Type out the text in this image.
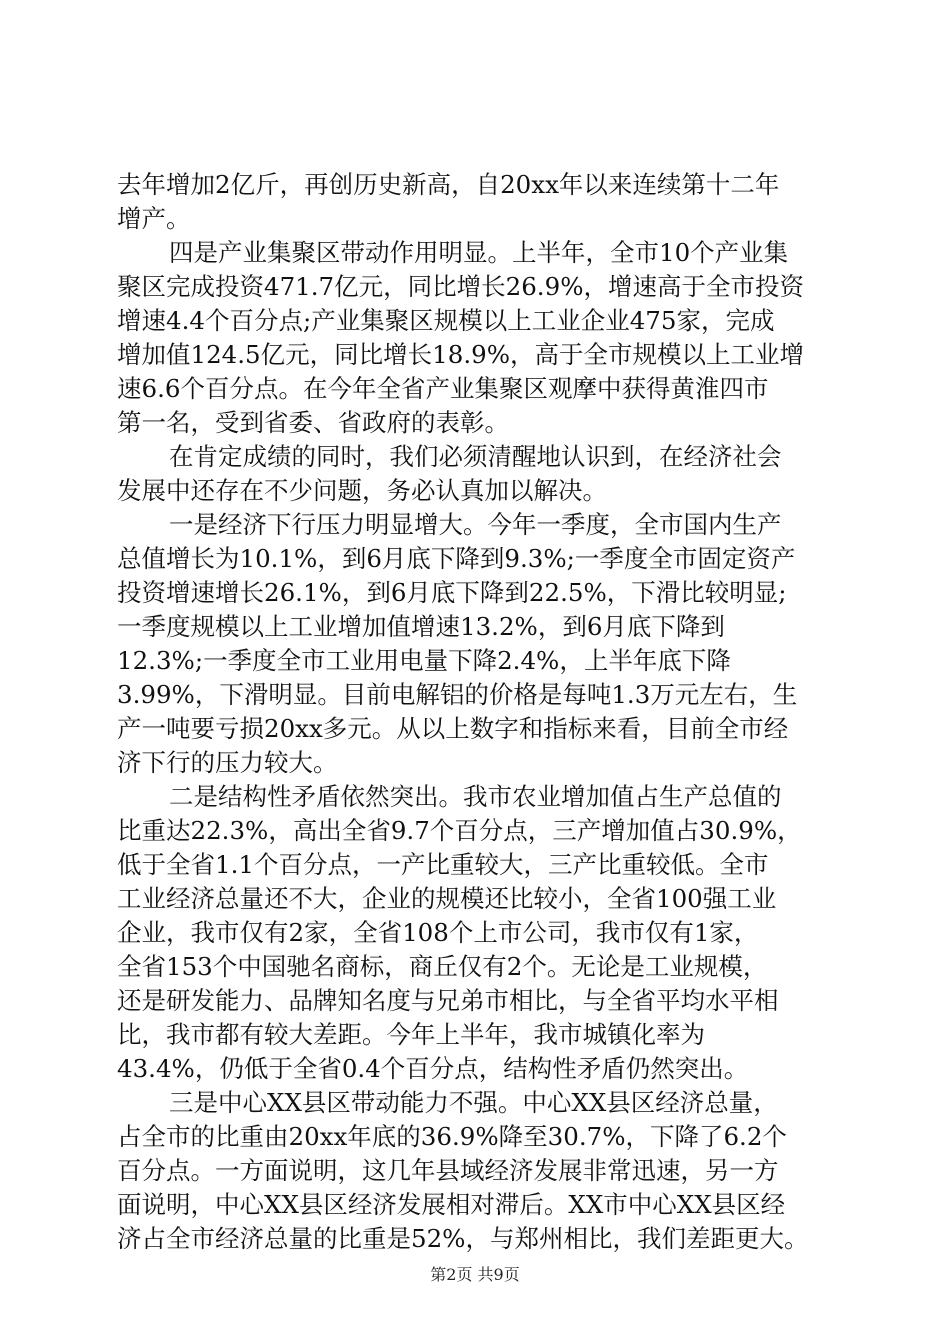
去年增加2亿斤，再创历史新高，自20xx年以来连续第十二年
增产。
四是产业集聚区带动作用明显。上半年，全市10个产业集
聚区完成投资471.7亿元，同比增长26.9%，增速高于全市投资
增速4.4个百分点;产业集聚区规模以上工业企业475家，完成
增加值124.5亿元，同比增长18.9%，高于全市规模以上工业增
速6.6个百分点。在今年全省产业集聚区观摩中获得黄淮四市
第一名，受到省委、省政府的表彰。
在肯定成绩的同时，我们必须清醒地认识到，在经济社会
发展中还存在不少问题，务必认真加以解决。
一是经济下行压力明显增大。今年一季度，全市国内生产
总值增长为10.1%，到6月底下降到9.3%;一季度全市固定资产
投资增速增长26.1%，到6月底下降到22.5%，下滑比较明显;
一季度规模以上工业增加值增速13.2%，到6月底下降到
12.3%;一季度全市工业用电量下降2.4%，上半年底下降
3.99%，下滑明显。目前电解铝的价格是每吨1.3万元左右，生
产一吨要亏损20xx多元。从以上数字和指标来看，目前全市经
济下行的压力较大。
二是结构性矛盾依然突出。我市农业增加值占生产总值的
比重达22.3%，高出全省9.7个百分点，三产增加值占30.9%，
低于全省1.1个百分点，一产比重较大，三产比重较低。全市
工业经济总量还不大，企业的规模还比较小，全省100强工业
企业，我市仅有2家，全省108个上市公司，我市仅有1家，
全省153个中国驰名商标，商丘仅有2个。无论是工业规模，
还是研发能力、品牌知名度与兄弟市相比，与全省平均水平相
比，我市都有较大差距。今年上半年，我市城镇化率为
43.4%，仍低于全省0.4个百分点，结构性矛盾仍然突出。
三是中心XX县区带动能力不强。中心XX县区经济总量，
占全市的比重由20xx年底的36.9%降至30.7%，下降了6.2个
百分点。一方面说明，这几年县域经济发展非常迅速，另一方
面说明，中心XX县区经济发展相对滞后。XX市中心XX县区经
济占全市经济总量的比重是52%，与郑州相比，我们差距更大。
第2页 共9页
